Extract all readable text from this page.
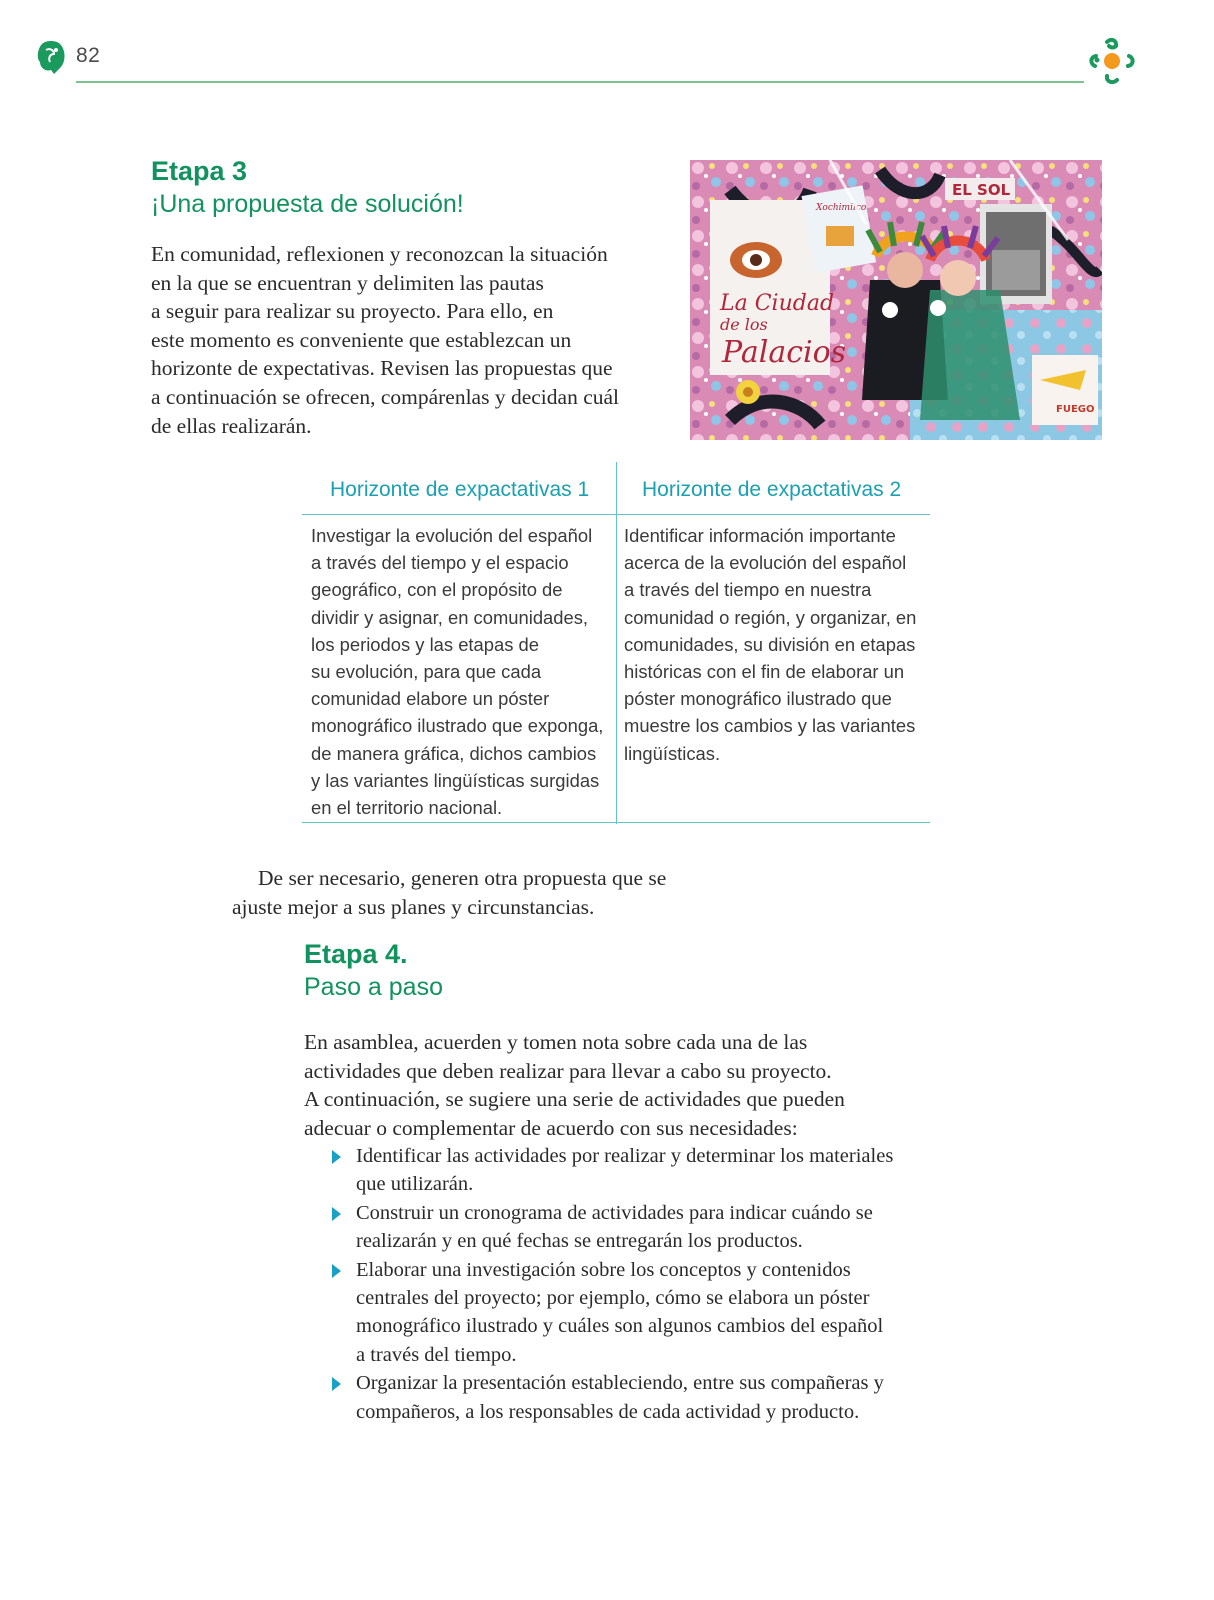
82
Etapa 3
¡Una propuesta de solución!

En comunidad, reflexionen y reconozcan la situación
en la que se encuentran y delimiten las pautas
a seguir para realizar su proyecto. Para ello, en
este momento es conveniente que establezcan un
horizonte de expectativas. Revisen las propuestas que
a continuación se ofrecen, compárenlas y decidan cuál
de ellas realizarán.

La Ciudad
de los
Palacios
Xochimilco
EL SOL
FUEGO
Horizonte de expactativas 1	Horizonte de expactativas 2

Investigar la evolución del español
a través del tiempo y el espacio
geográfico, con el propósito de
dividir y asignar, en comunidades,
los periodos y las etapas de
su evolución, para que cada
comunidad elabore un póster
monográfico ilustrado que exponga,
de manera gráfica, dichos cambios
y las variantes lingüísticas surgidas
en el territorio nacional.

Identificar información importante
acerca de la evolución del español
a través del tiempo en nuestra
comunidad o región, y organizar, en
comunidades, su división en etapas
históricas con el fin de elaborar un
póster monográfico ilustrado que
muestre los cambios y las variantes
lingüísticas.

De ser necesario, generen otra propuesta que se
ajuste mejor a sus planes y circunstancias.

Etapa 4.
Paso a paso

En asamblea, acuerden y tomen nota sobre cada una de las
actividades que deben realizar para llevar a cabo su proyecto.
A continuación, se sugiere una serie de actividades que pueden
adecuar o complementar de acuerdo con sus necesidades:

Identificar las actividades por realizar y determinar los materiales
que utilizarán.
Construir un cronograma de actividades para indicar cuándo se
realizarán y en qué fechas se entregarán los productos.
Elaborar una investigación sobre los conceptos y contenidos
centrales del proyecto; por ejemplo, cómo se elabora un póster
monográfico ilustrado y cuáles son algunos cambios del español
a través del tiempo.
Organizar la presentación estableciendo, entre sus compañeras y
compañeros, a los responsables de cada actividad y producto.
